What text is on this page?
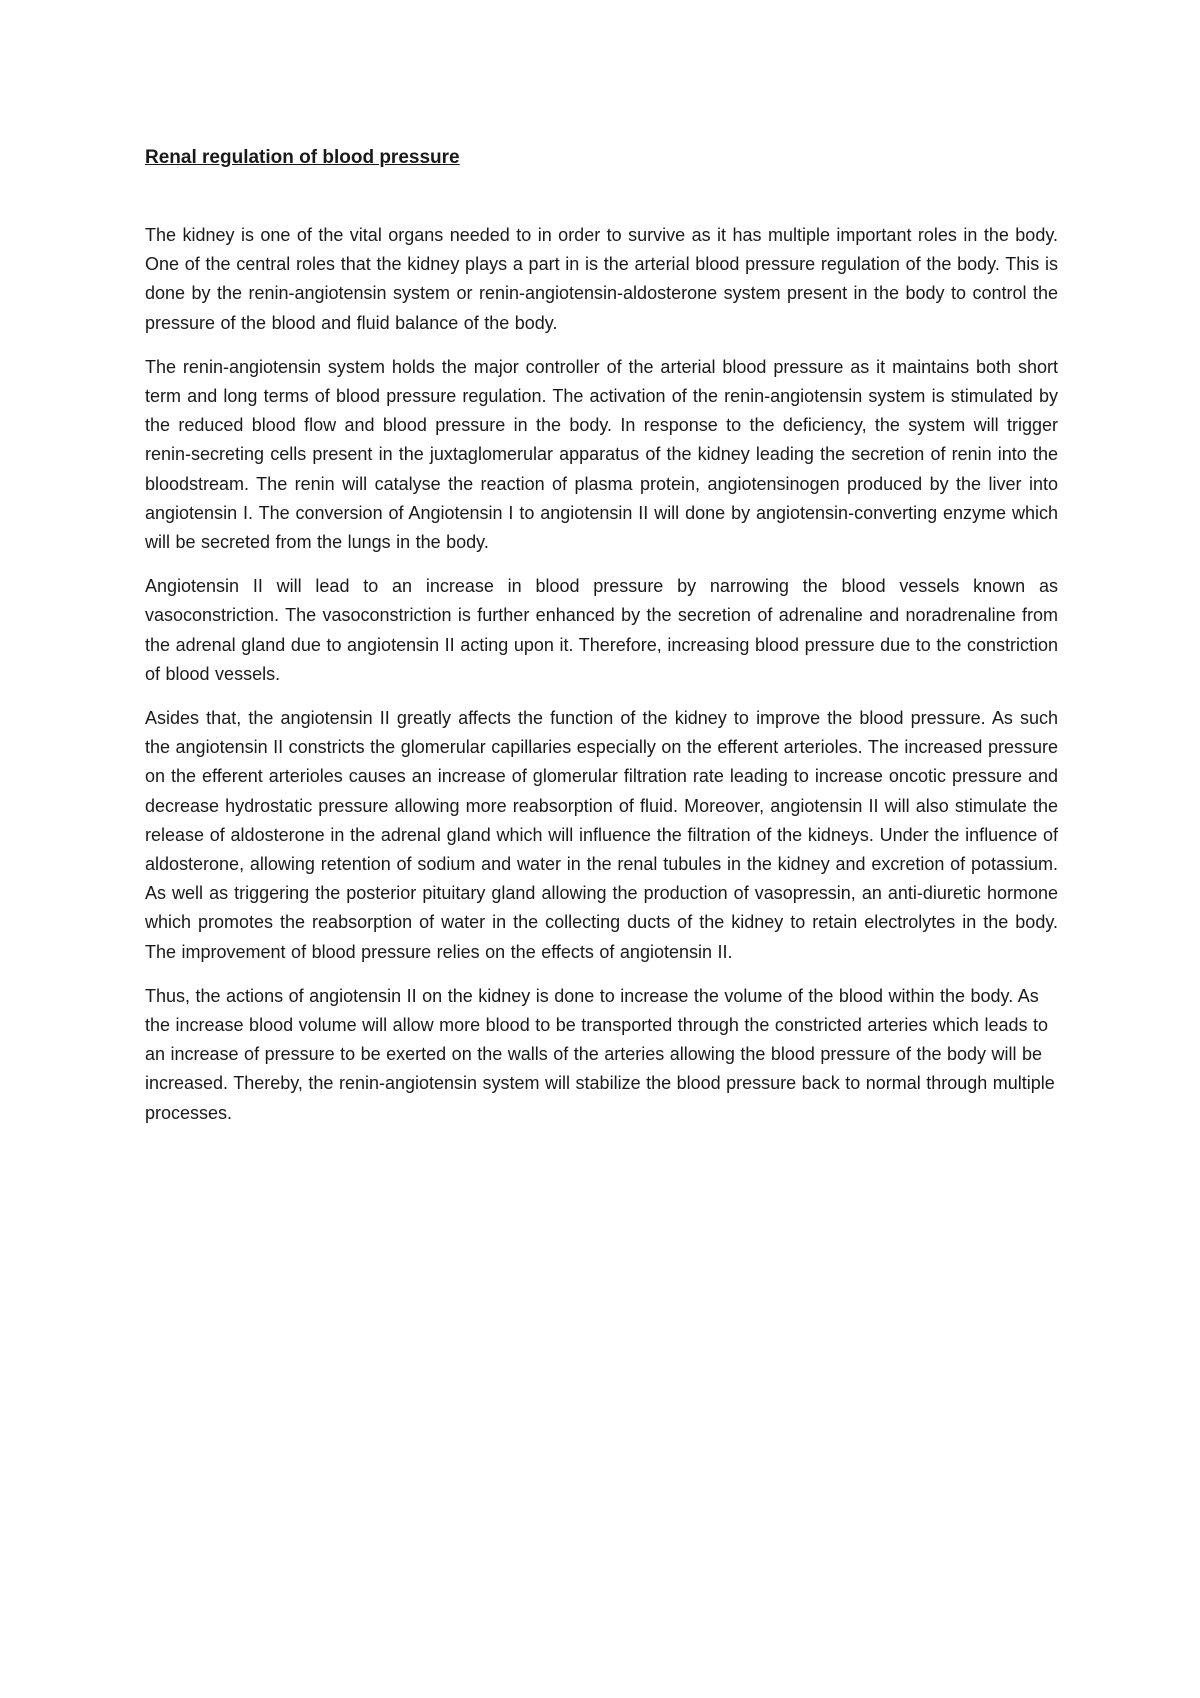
Renal regulation of blood pressure

The kidney is one of the vital organs needed to in order to survive as it has multiple important roles in the body. One of the central roles that the kidney plays a part in is the arterial blood pressure regulation of the body. This is done by the renin-angiotensin system or renin-angiotensin-aldosterone system present in the body to control the pressure of the blood and fluid balance of the body.

The renin-angiotensin system holds the major controller of the arterial blood pressure as it maintains both short term and long terms of blood pressure regulation. The activation of the renin-angiotensin system is stimulated by the reduced blood flow and blood pressure in the body. In response to the deficiency, the system will trigger renin-secreting cells present in the juxtaglomerular apparatus of the kidney leading the secretion of renin into the bloodstream. The renin will catalyse the reaction of plasma protein, angiotensinogen produced by the liver into angiotensin I. The conversion of Angiotensin I to angiotensin II will done by angiotensin-converting enzyme which will be secreted from the lungs in the body.

Angiotensin II will lead to an increase in blood pressure by narrowing the blood vessels known as vasoconstriction. The vasoconstriction is further enhanced by the secretion of adrenaline and noradrenaline from the adrenal gland due to angiotensin II acting upon it. Therefore, increasing blood pressure due to the constriction of blood vessels.

Asides that, the angiotensin II greatly affects the function of the kidney to improve the blood pressure. As such the angiotensin II constricts the glomerular capillaries especially on the efferent arterioles. The increased pressure on the efferent arterioles causes an increase of glomerular filtration rate leading to increase oncotic pressure and decrease hydrostatic pressure allowing more reabsorption of fluid. Moreover, angiotensin II will also stimulate the release of aldosterone in the adrenal gland which will influence the filtration of the kidneys. Under the influence of aldosterone, allowing retention of sodium and water in the renal tubules in the kidney and excretion of potassium. As well as triggering the posterior pituitary gland allowing the production of vasopressin, an anti-diuretic hormone which promotes the reabsorption of water in the collecting ducts of the kidney to retain electrolytes in the body. The improvement of blood pressure relies on the effects of angiotensin II.

Thus, the actions of angiotensin II on the kidney is done to increase the volume of the blood within the body. As the increase blood volume will allow more blood to be transported through the constricted arteries which leads to an increase of pressure to be exerted on the walls of the arteries allowing the blood pressure of the body will be increased. Thereby, the renin-angiotensin system will stabilize the blood pressure back to normal through multiple processes.
